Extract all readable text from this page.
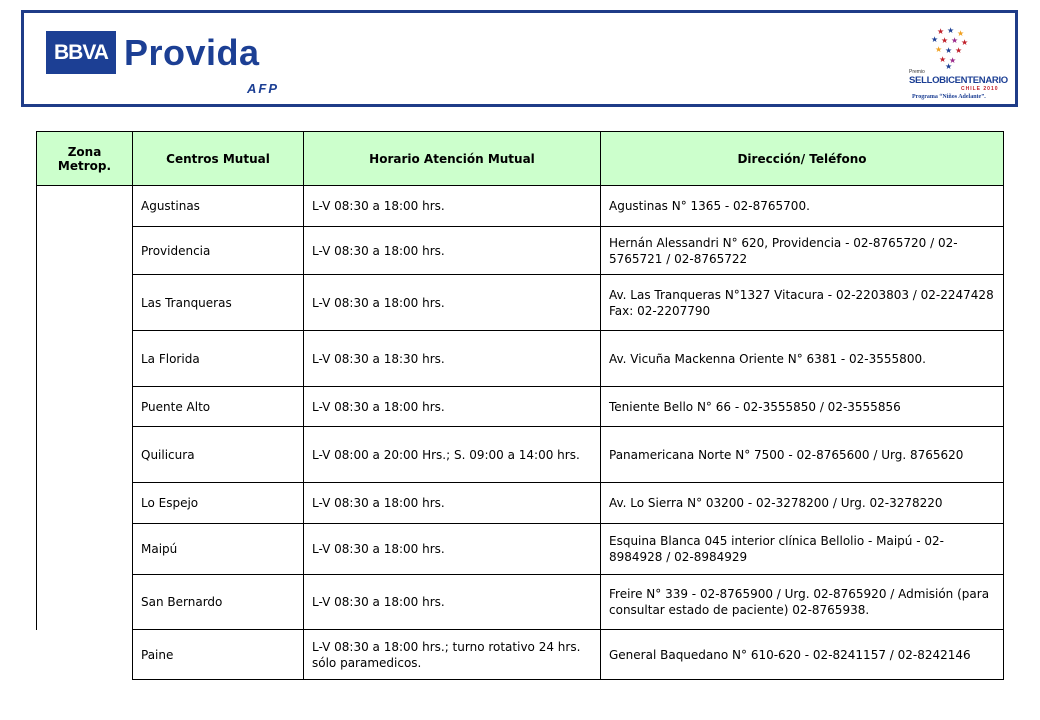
BBVA Provida
AFP
★ ★ ★
★ ★ ★ ★
★ ★ ★
★ ★
★
Premio
SELLOBICENTENARIO
CHILE 2010
Programa “Niños Adelante”.
Zona Metrop.	Centros Mutual	Horario Atención Mutual	Dirección/ Teléfono
	Agustinas	L-V 08:30 a 18:00 hrs.	Agustinas N° 1365 - 02-8765700.
	Providencia	L-V 08:30 a 18:00 hrs.	Hernán Alessandri N° 620, Providencia - 02-8765720 / 02-5765721 / 02-8765722
	Las Tranqueras	L-V 08:30 a 18:00 hrs.	Av. Las Tranqueras N°1327 Vitacura - 02-2203803 / 02-2247428 Fax: 02-2207790
	La Florida	L-V 08:30 a 18:30 hrs.	Av. Vicuña Mackenna Oriente N° 6381 - 02-3555800.
	Puente Alto	L-V 08:30 a 18:00 hrs.	Teniente Bello N° 66 - 02-3555850 / 02-3555856
	Quilicura	L-V 08:00 a 20:00 Hrs.; S. 09:00 a 14:00 hrs.	Panamericana Norte N° 7500 - 02-8765600 / Urg. 8765620
	Lo Espejo	L-V 08:30 a 18:00 hrs.	Av. Lo Sierra N° 03200 - 02-3278200 / Urg. 02-3278220
	Maipú	L-V 08:30 a 18:00 hrs.	Esquina Blanca 045 interior clínica Bellolio - Maipú - 02-8984928 / 02-8984929
	San Bernardo	L-V 08:30 a 18:00 hrs.	Freire N° 339 - 02-8765900 / Urg. 02-8765920 / Admisión (para consultar estado de paciente) 02-8765938.
	Paine	L-V 08:30 a 18:00 hrs.; turno rotativo 24 hrs. sólo paramedicos.	General Baquedano N° 610-620 - 02-8241157 / 02-8242146
